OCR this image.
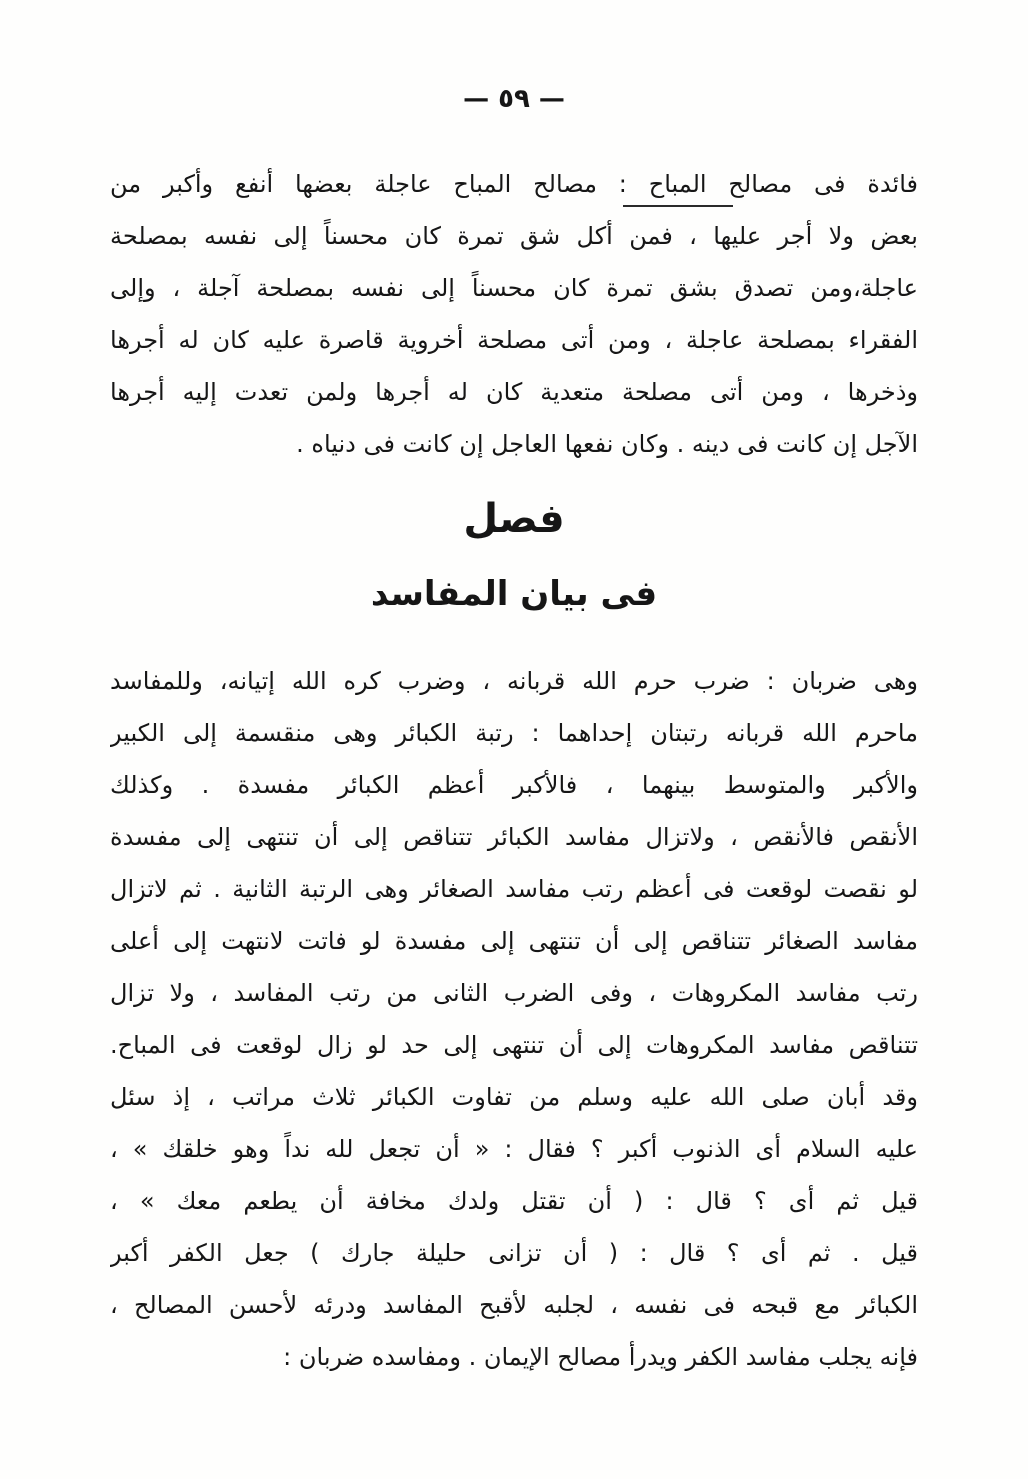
— ٥٩ —
فائدة فى مصالح المباح : مصالح المباح عاجلة بعضها أنفع وأكبر من
بعض ولا أجر عليها ، فمن أكل شق تمرة كان محسناً إلى نفسه بمصلحة
عاجلة،ومن تصدق بشق تمرة كان محسناً إلى نفسه بمصلحة آجلة ، وإلى
الفقراء بمصلحة عاجلة ، ومن أتى مصلحة أخروية قاصرة عليه كان له أجرها
وذخرها ، ومن أتى مصلحة متعدية كان له أجرها ولمن تعدت إليه أجرها
الآجل إن كانت فى دينه . وكان نفعها العاجل إن كانت فى دنياه .
فصل
فى بيان المفاسد
وهى ضربان : ضرب حرم الله قربانه ، وضرب كره الله إتيانه، وللمفاسد
ماحرم الله قربانه رتبتان إحداهما : رتبة الكبائر وهى منقسمة إلى الكبير
والأكبر والمتوسط بينهما ، فالأكبر أعظم الكبائر مفسدة . وكذلك
الأنقص فالأنقص ، ولاتزال مفاسد الكبائر تتناقص إلى أن تنتهى إلى مفسدة
لو نقصت لوقعت فى أعظم رتب مفاسد الصغائر وهى الرتبة الثانية . ثم لاتزال
مفاسد الصغائر تتناقص إلى أن تنتهى إلى مفسدة لو فاتت لانتهت إلى أعلى
رتب مفاسد المكروهات ، وفى الضرب الثانى من رتب المفاسد ، ولا تزال
تتناقص مفاسد المكروهات إلى أن تنتهى إلى حد لو زال لوقعت فى المباح.
وقد أبان صلى الله عليه وسلم من تفاوت الكبائر ثلاث مراتب ، إذ سئل
عليه السلام أى الذنوب أكبر ؟ فقال : « أن تجعل لله نداً وهو خلقك » ،
قيل ثم أى ؟ قال : ( أن تقتل ولدك مخافة أن يطعم معك » ،
قيل . ثم أى ؟ قال : ( أن تزانى حليلة جارك ) جعل الكفر أكبر
الكبائر مع قبحه فى نفسه ، لجلبه لأقبح المفاسد ودرئه لأحسن المصالح ،
فإنه يجلب مفاسد الكفر ويدرأ مصالح الإيمان . ومفاسده ضربان :
